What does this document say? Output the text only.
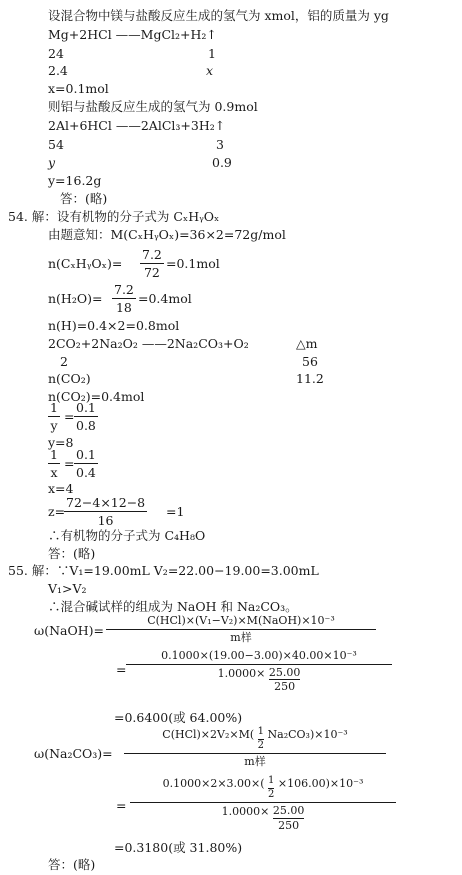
设混合物中镁与盐酸反应生成的氢气为 xmol，铝的质量为 yg
Mg+2HCl ——MgCl₂+H₂↑
24	1
2.4	x
x=0.1mol
则铝与盐酸反应生成的氢气为 0.9mol
2Al+6HCl ——2AlCl₃+3H₂↑
54	3
y	0.9
y=16.2g
答：(略)
54. 解：设有机物的分子式为 CₓHᵧOₓ
由题意知：M(CₓHᵧOₓ)=36×2=72g/mol
n(CₓHᵧOₓ)=
7.2
72
=0.1mol
n(H₂O)=
7.2
18
=0.4mol
n(H)=0.4×2=0.8mol
2CO₂+2Na₂O₂ ——2Na₂CO₃+O₂	△m
2	56
n(CO₂)	11.2
n(CO₂)=0.4mol
1
y
=
0.1
0.8
y=8
1
x
=
0.1
0.4
x=4
z=
72−4×12−8
16
=1
∴有机物的分子式为 C₄H₈O
答：(略)
55. 解：∵V₁=19.00mL V₂=22.00−19.00=3.00mL
V₁>V₂
∴混合碱试样的组成为 NaOH 和 Na₂CO₃。
ω(NaOH)=
C(HCl)×(V₁−V₂)×M(NaOH)×10⁻³
m样
=
0.1000×(19.00−3.00)×40.00×10⁻³
$1.0000\times \frac{25.00}{250}$
=0.6400(或 64.00%)
ω(Na₂CO₃)=
$C(HCl)\times 2V_2\times M( \frac{1}{2} Na_2CO_3)\times 10^{-3}$
m样
=
$0.1000\times 2\times 3.00\times( \frac{1}{2} \times 106.00)\times 10^{-3}$
$1.0000\times \frac{25.00}{250}$
=0.3180(或 31.80%)
答：(略)
